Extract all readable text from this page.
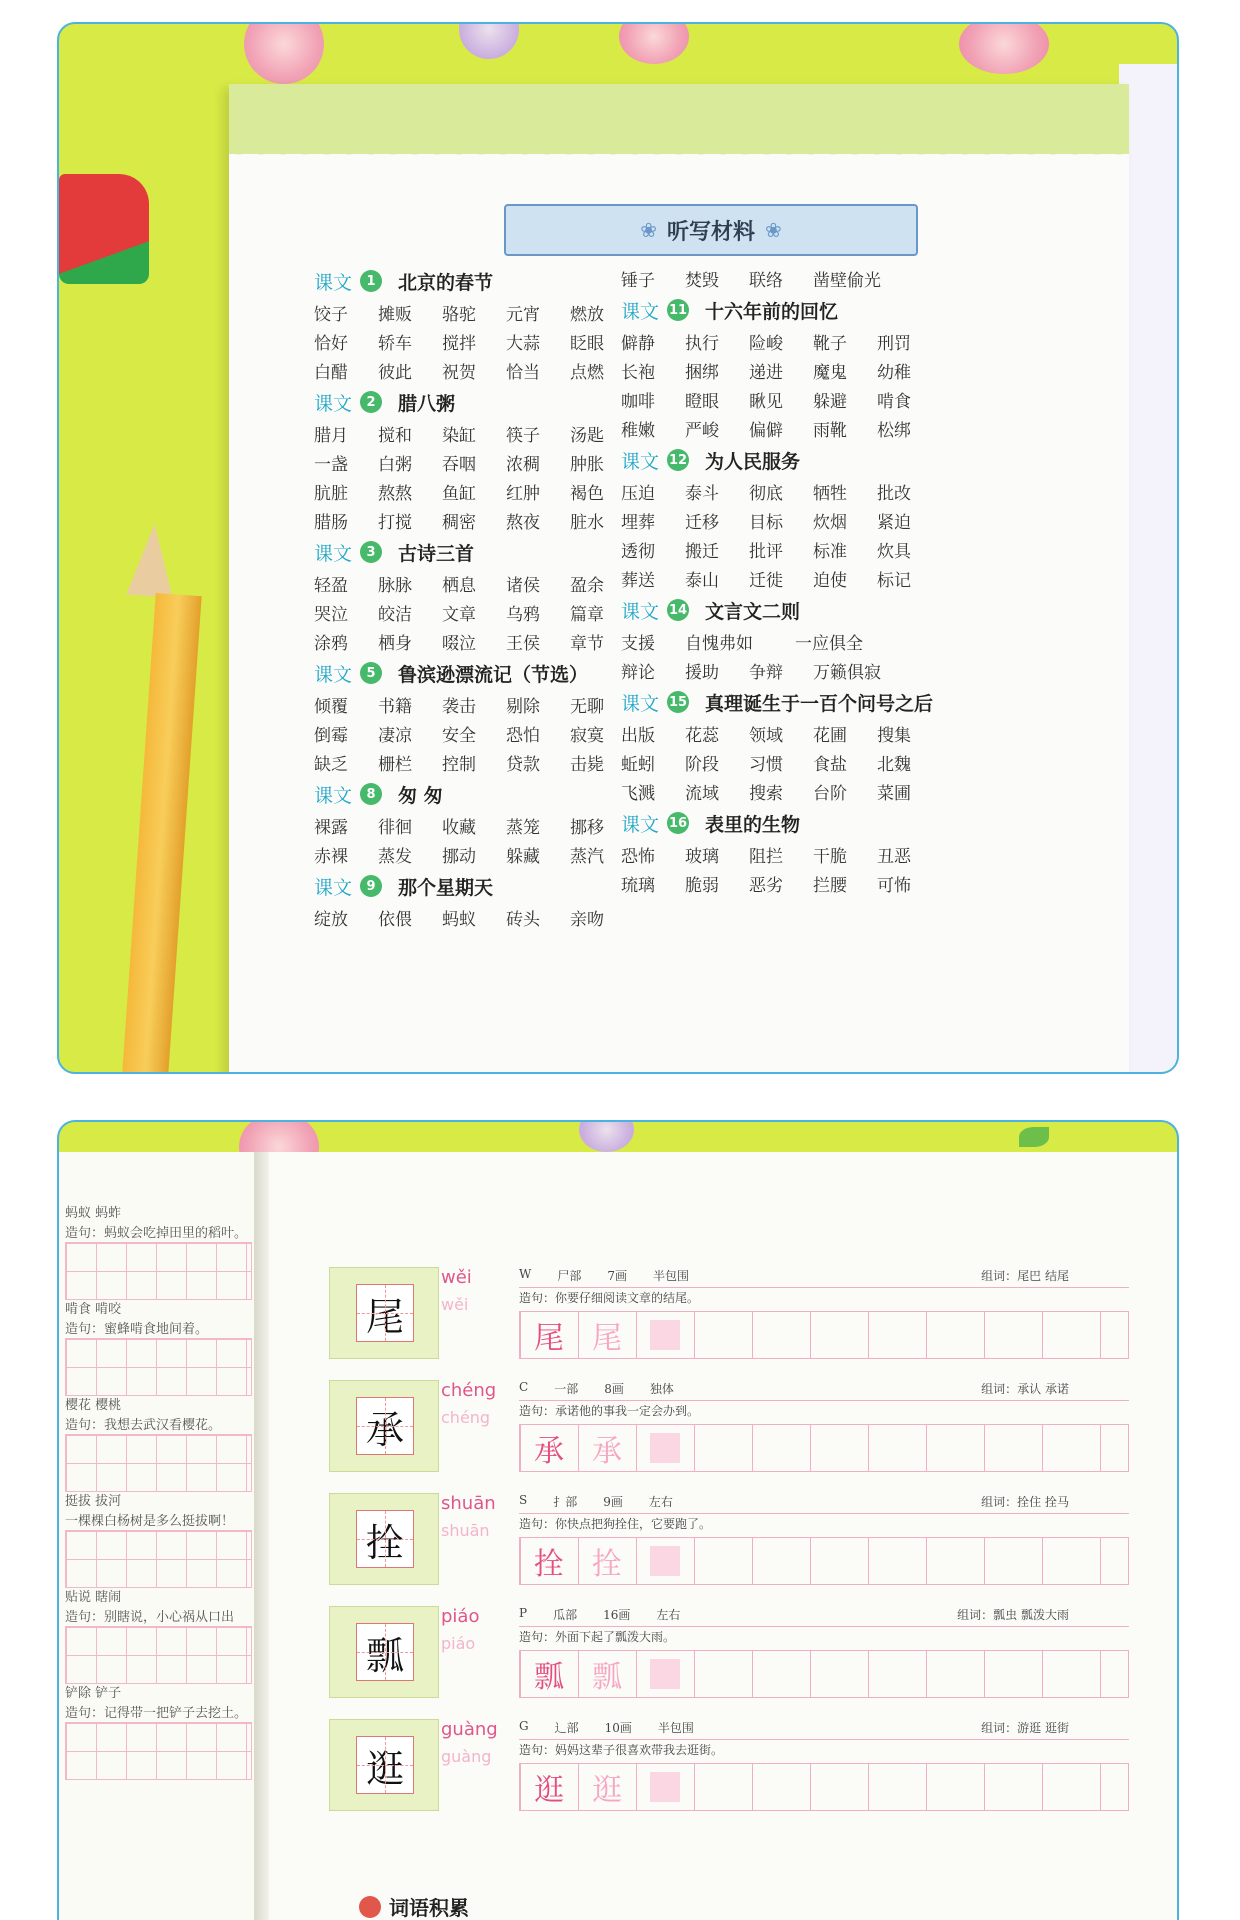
❀ 听写材料 ❀
课文	1	北京的春节
饺子	摊贩	骆驼	元宵	燃放
恰好	轿车	搅拌	大蒜	眨眼
白醋	彼此	祝贺	恰当	点燃
课文	2	腊八粥
腊月	搅和	染缸	筷子	汤匙
一盏	白粥	吞咽	浓稠	肿胀
肮脏	熬熬	鱼缸	红肿	褐色
腊肠	打搅	稠密	熬夜	脏水
课文	3	古诗三首
轻盈	脉脉	栖息	诸侯	盈余
哭泣	皎洁	文章	乌鸦	篇章
涂鸦	栖身	啜泣	王侯	章节
课文	5	鲁滨逊漂流记（节选）
倾覆	书籍	袭击	剔除	无聊
倒霉	凄凉	安全	恐怕	寂寞
缺乏	栅栏	控制	贷款	击毙
课文	8	匆 匆
裸露	徘徊	收藏	蒸笼	挪移
赤裸	蒸发	挪动	躲藏	蒸汽
课文	9	那个星期天
绽放	依偎	蚂蚁	砖头	亲吻
锤子	焚毁	联络	凿壁偷光
课文 11 十六年前的回忆
僻静	执行	险峻	靴子	刑罚
长袍	捆绑	递进	魔鬼	幼稚
咖啡	瞪眼	瞅见	躲避	啃食
稚嫩	严峻	偏僻	雨靴	松绑
课文 12 为人民服务
压迫	泰斗	彻底	牺牲	批改
埋葬	迁移	目标	炊烟	紧迫
透彻	搬迁	批评	标准	炊具
葬送	泰山	迁徙	迫使	标记
课文 14 文言文二则
支援	自愧弗如	一应俱全
辩论	援助	争辩	万籁俱寂
课文 15 真理诞生于一百个问号之后
出版	花蕊	领域	花圃	搜集
蚯蚓	阶段	习惯	食盐	北魏
飞溅	流域	搜索	台阶	菜圃
课文 16 表里的生物
恐怖	玻璃	阻拦	干脆	丑恶
琉璃	脆弱	恶劣	拦腰	可怖
蚂蚁 蚂蚱
造句：蚂蚁会吃掉田里的稻叶。
啃食 啃咬
造句：蜜蜂啃食地间着。
樱花 樱桃
造句：我想去武汉看樱花。
挺拔 拔河
一棵棵白杨树是多么挺拔啊！
贴说 瞎闹
造句：别瞎说，小心祸从口出
铲除 铲子
造句：记得带一把铲子去挖土。
尾
wěi
wěi
W 尸部 7画 半包围	组词：尾巴 结尾
造句：你要仔细阅读文章的结尾。
尾 尾
承
chéng
chéng
C 一部 8画 独体	组词：承认 承诺
造句：承诺他的事我一定会办到。
承 承
拴
shuān
shuān
S 扌部 9画 左右	组词：拴住 拴马
造句：你快点把狗拴住，它要跑了。
拴 拴
瓢
piáo
piáo
P 瓜部 16画 左右	组词：瓢虫 瓢泼大雨
造句：外面下起了瓢泼大雨。
瓢 瓢
逛
guàng
guàng
G 辶部 10画 半包围	组词：游逛 逛街
造句：妈妈这辈子很喜欢带我去逛街。
逛 逛
词语积累
